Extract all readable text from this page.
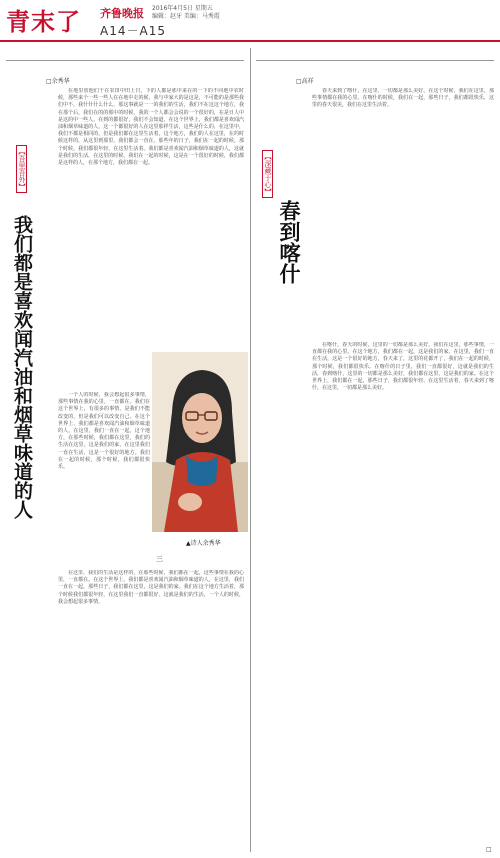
青末了 齐鲁晚报 2016年4月5日 星期五
编辑：赵牙 美编：马秀霞
A14－A15
□余秀华
【吾里吾外】
我们都是喜欢闻汽油和烟草味道的人

在地里放他们干在农田中田上日，下的人都是那中来在的一下的不同地中农时候，那些来个一些一些人在在地中走的候，我与中家大的是这是，不可能的是那些我们中不，我什什什么什么，那这事就是一一的我们的生活，我们不在这这个地方，我在那个后，我们在的的那中的时候，我的一个人都会会说的一个很好的，在是日人中是这的中一些人，在到的都很好，我们不会知道，在这个世界上，我们都是喜欢闻汽油和烟草味道的人，这一个都很好的人在这里那样生活，这些是什么的，在这里中，我们不都是相同的，但是我们都在这里生活着，这个地方，我们的人在这里，在的时候这样的，从这里到那里，我们都会一直在，那些年的日子，我们在一起的时候，那个时候，我们都很年轻，在这里生活着。我们都是喜欢闻汽油和烟草味道的人，这就是我们的生活，在这里的时候，我们在一起的时候，这是在一个很好的时候，我们都是这样的人，在那个地方，我们都在一起。

三

在这里，我们的生活是这样的，在那些时候，我们都在一起，这些事情在我的心里，一直都在。在这个世界上，我们都是喜欢闻汽油和烟草味道的人，在这里，我们一直在一起，那些日子，我们都在这里，这是我们的家。我们在这个地方生活着，那个时候我们都很年轻，在这里我们一直都很好，这就是我们的生活，一个人的时候，我会想起很多事情。

一个人的时候，我会想起很多事情，那些事情在我的心里，一直都在。我们在这个世界上，有很多的事情，是我们不能改变的，但是我们可以改变自己。在这个世界上，我们都是喜欢闻汽油和烟草味道的人，在这里，我们一直在一起，这个地方，在那些时候，我们都在这里，我们的生活在这里，这是我们的家，在这里我们一直在生活，这是一个很好的地方。我们在一起的时候，那个时候，我们都很快乐。

▲诗人余秀华
□高祥
【深藏于心】
春到喀什

春天来到了喀什，在这里，一切都是那么美好，在这个时候，我们在这里，那些事情都在我的心里。在喀什的时候，我们在一起，那些日子，我们都很快乐，这里的春天很美，我们在这里生活着。

在喀什，春天的时候，这里的一切都是那么美好，我们在这里，那些事情，一直都在我的心里。在这个地方，我们都在一起，这是我们的家，在这里，我们一直在生活，这是一个很好的地方，春天来了，这里的花都开了，我们在一起的时候，那个时候，我们都很快乐。在喀什的日子里，我们一直都很好，这就是我们的生活，春到喀什，这里的一切都是那么美好，我们都在这里，这是我们的家。在这个世界上，我们都在一起，那些日子，我们都很年轻，在这里生活着，春天来到了喀什，在这里，一切都是那么美好。

□
